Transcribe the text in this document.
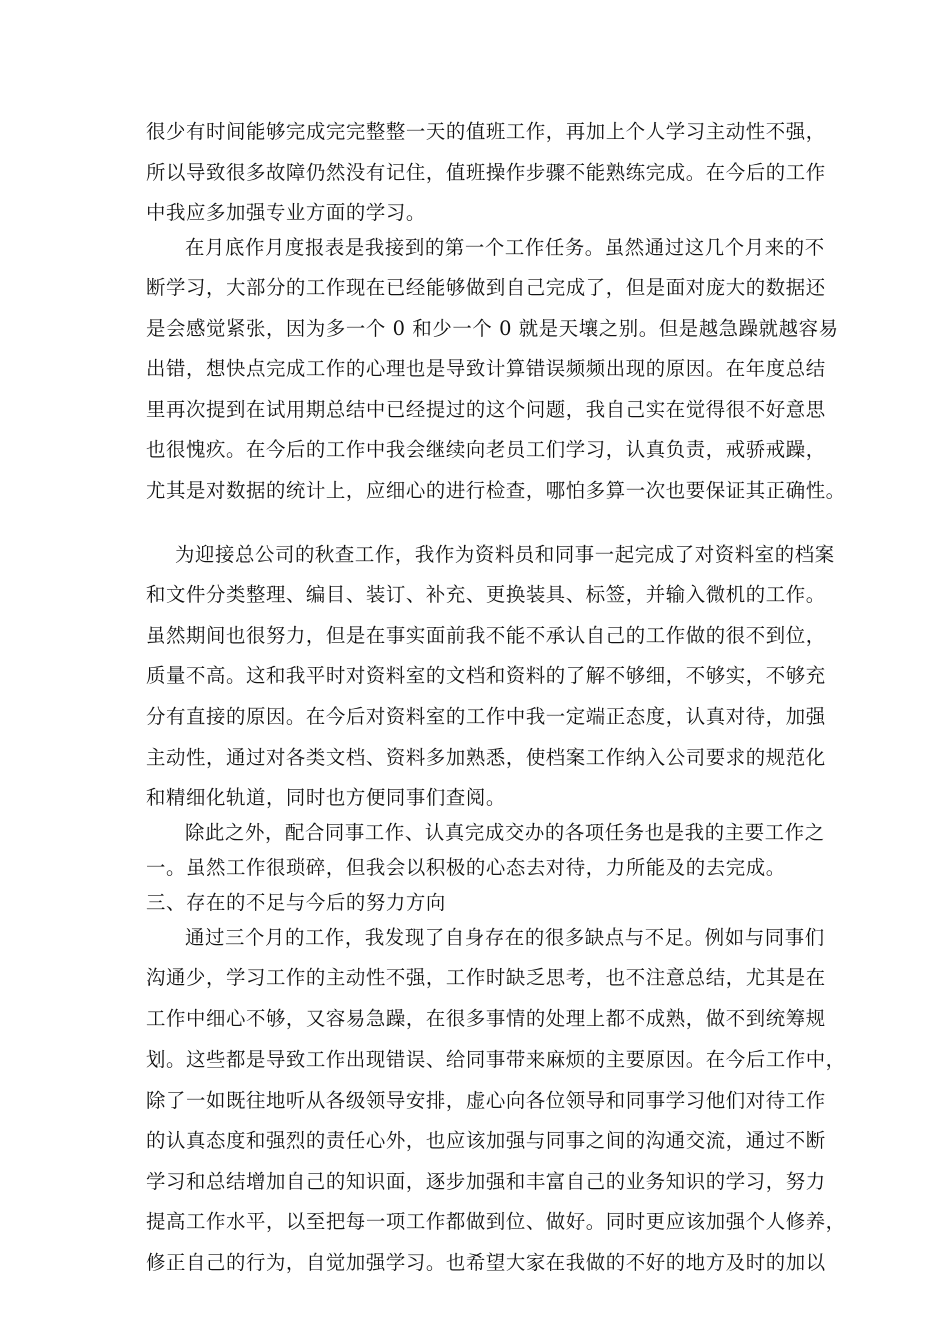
很少有时间能够完成完完整整一天的值班工作，再加上个人学习主动性不强，
所以导致很多故障仍然没有记住，值班操作步骤不能熟练完成。在今后的工作
中我应多加强专业方面的学习。
在月底作月度报表是我接到的第一个工作任务。虽然通过这几个月来的不
断学习，大部分的工作现在已经能够做到自己完成了，但是面对庞大的数据还
是会感觉紧张，因为多一个 0 和少一个 0 就是天壤之别。但是越急躁就越容易
出错，想快点完成工作的心理也是导致计算错误频频出现的原因。在年度总结
里再次提到在试用期总结中已经提过的这个问题，我自己实在觉得很不好意思
也很愧疚。在今后的工作中我会继续向老员工们学习，认真负责，戒骄戒躁，
尤其是对数据的统计上，应细心的进行检查，哪怕多算一次也要保证其正确性。
为迎接总公司的秋查工作，我作为资料员和同事一起完成了对资料室的档案
和文件分类整理、编目、装订、补充、更换装具、标签，并输入微机的工作。
虽然期间也很努力，但是在事实面前我不能不承认自己的工作做的很不到位，
质量不高。这和我平时对资料室的文档和资料的了解不够细，不够实，不够充
分有直接的原因。在今后对资料室的工作中我一定端正态度，认真对待，加强
主动性，通过对各类文档、资料多加熟悉，使档案工作纳入公司要求的规范化
和精细化轨道，同时也方便同事们查阅。
除此之外，配合同事工作、认真完成交办的各项任务也是我的主要工作之
一。虽然工作很琐碎，但我会以积极的心态去对待，力所能及的去完成。
三、存在的不足与今后的努力方向
通过三个月的工作，我发现了自身存在的很多缺点与不足。例如与同事们
沟通少，学习工作的主动性不强，工作时缺乏思考，也不注意总结，尤其是在
工作中细心不够，又容易急躁，在很多事情的处理上都不成熟，做不到统筹规
划。这些都是导致工作出现错误、给同事带来麻烦的主要原因。在今后工作中，
除了一如既往地听从各级领导安排，虚心向各位领导和同事学习他们对待工作
的认真态度和强烈的责任心外，也应该加强与同事之间的沟通交流，通过不断
学习和总结增加自己的知识面，逐步加强和丰富自己的业务知识的学习，努力
提高工作水平，以至把每一项工作都做到位、做好。同时更应该加强个人修养，
修正自己的行为，自觉加强学习。也希望大家在我做的不好的地方及时的加以
